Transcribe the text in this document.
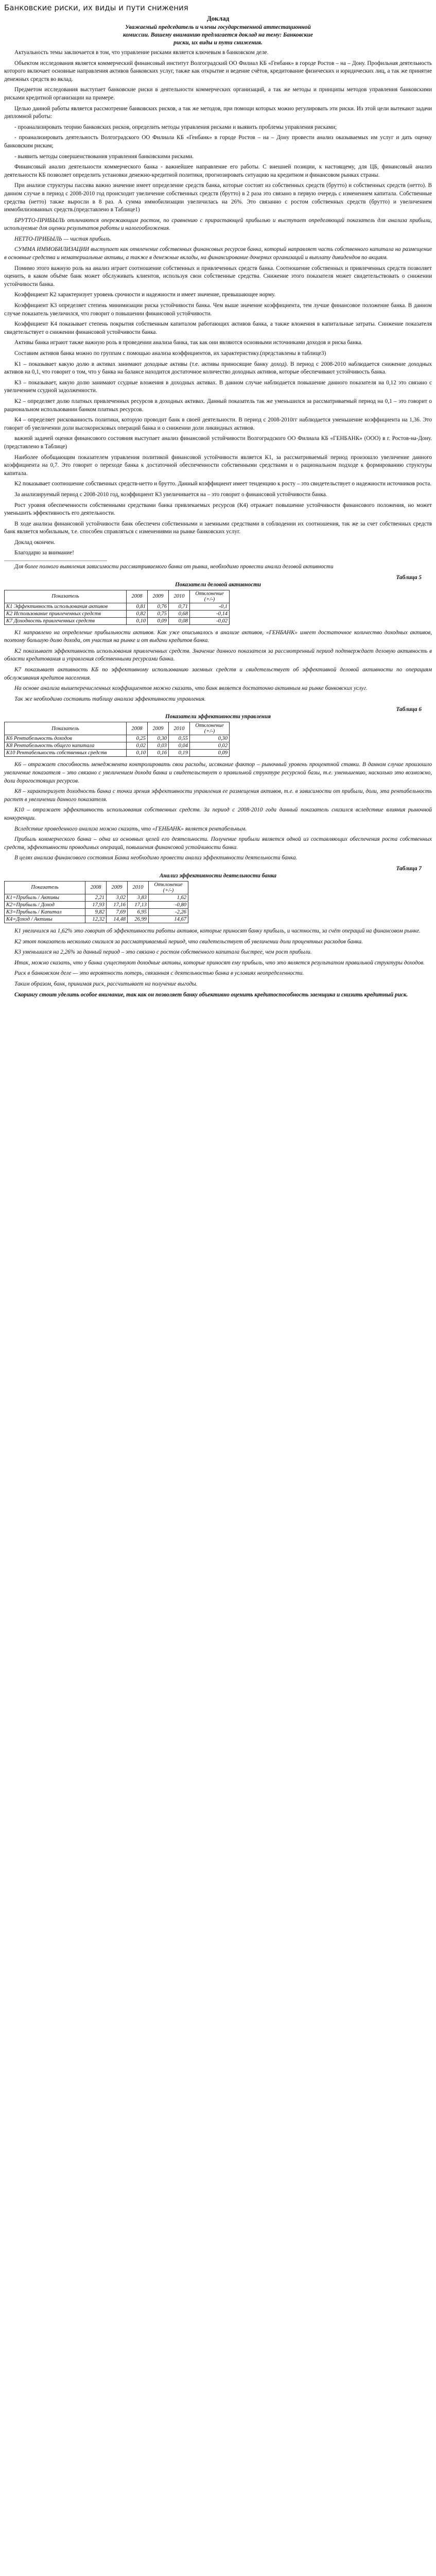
Банковские риски, их виды и пути снижения
Доклад
Уважаемый председатель и члены государственной аттестационной
комиссии. Вашему вниманию предлагается доклад на тему: Банковские
риски, их виды и пути снижения.

Актуальность темы заключается в том, что управление рисками является ключевым в банковском деле.

Объектом исследования является коммерческий финансовый институт Волгоградский ОО Филиал КБ «Генбанк» в городе Ростов – на – Дону. Профильная деятельность которого включает основные направления активов банковских услуг, также как открытие и ведение счётов, кредитование физических и юридических лиц, а так же принятие денежных средств во вклад.

Предметом исследования выступает банковские риски в деятельности коммерческих организаций, а так же методы и принципы методов управления банковскими рисками кредитной организации на примере.

Целью данной работы является рассмотрение банковских рисков, а так же методов, при помощи которых можно регулировать эти риски. Из этой цели вытекают задачи дипломной работы:

- проанализировать теорию банковских рисков, определить методы управления рисками и выявить проблемы управления рисками;

- проанализировать деятельность Волгоградского ОО Филиала КБ «Генбанк» в городе Ростов – на – Дону провести анализ оказываемых им услуг и дать оценку банковским рискам;

- выявить методы совершенствования управления банковскими рисками.

Финансовый анализ деятельности коммерческого банка - важнейшее направление его работы. С внешней позиции, к настоящему, для ЦБ, финансовый анализ деятельности КБ позволяет определить установки денежно-кредитной политики, прогнозировать ситуацию на кредитном и финансовом рынках страны.

При анализе структуры пассива важно значение имеет определение средств банка, которые состоят из собственных средств (брутто) и собственных средств (нетто). В данном случае в период с 2008-2010 год происходит увеличение собственных средств (брутто) в 2 раза это связано в первую очередь с изменением капитала. Собственные средства (нетто) также выросли в 8 раз. А сумма иммобилизации увеличилась на 26%. Это связанно с ростом собственных средств (брутто) и увеличением иммобилизованных средств.(представлено в Таблице1)

БРУТТО-ПРИБЫЛЬ отличаются опережающим ростом, по сравнению с прирастающей прибылью и выступает определяющий показатель для анализа прибыли, используемые для оценки результатов работы и налогообложения.

НЕТТО-ПРИБЫЛЬ — чистая прибыль.

СУММА ИММОБИЛИЗАЦИИ выступает как отвлечение собственных финансовых ресурсов банка, который направляет часть собственного капитала на размещение в основные средства и нематериальные активы, а также в денежные вклады, на финансирование дочерних организаций и выплату дивидендов по акциям.

Помимо этого важную роль на анализ играет соотношение собственных и привлеченных средств банка. Соотношение собственных и привлеченных средств позволяет оценить, в каком объёме банк может обслуживать клиентов, используя свои собственные средства. Снижение этого показателя может свидетельствовать о снижении устойчивости банка.

Коэффициент К2 характеризует уровень срочности и надежности и имеет значение, превышающее норму.

Коэффициент К3 определяет степень минимизации риска устойчивости банка. Чем выше значение коэффициента, тем лучше финансовое положение банка. В данном случае показатель увеличился, что говорит о повышении финансовой устойчивости.

Коэффициент К4 показывает степень покрытия собственным капиталом работающих активов банка, а также вложения в капитальные затраты. Снижение показателя свидетельствует о снижении финансовой устойчивости банка.

Активы банка играют также важную роль в проведении анализа банка, так как они являются основными источниками доходов и риска банка.

Составим активов банка можно по группам с помощью анализа коэффициентов, их характеристику.(представлены в таблице3)

К1 – показывает какую долю в активах занимают доходные активы (т.е. активы приносящие банку доход). В период с 2008-2010 наблюдается снижение доходных активов на 0,1, что говорит о том, что у банка на балансе находится достаточное количество доходных активов, которые обеспечивают устойчивость банка.

К3 – показывает, какую долю занимают ссудные вложения в доходных активах. В данном случае наблюдается повышение данного показателя на 0,12 это связано с увеличением ссудной задолженности.

К2 – определяет долю платных привлеченных ресурсов в доходных активах. Данный показатель так же уменьшился за рассматриваемый период на 0,1 – это говорит о рациональном использовании банком платных ресурсов.

К4 – определяет рискованность политики, которую проводит банк в своей деятельности. В период с 2008-2010гг наблюдается уменьшение коэффициента на 1,36. Это говорит об увеличении доли высокорисковых операций банка и о снижении доли ликвидных активов.

важной задачей оценки финансового состояния выступает анализ финансовой устойчивости Волгоградского ОО Филиала КБ «ГЕНБАНК» (ООО) в г. Ростов-на-Дону.(представлено в Таблице)

Наиболее обобщающим показателем управления политикой финансовой устойчивости является К1, за рассматриваемый период произошло увеличение данного коэффициента на 0,7. Это говорит о переходе банка к достаточной обеспеченности собственными средствами и о рациональном подходе к формированию структуры капитала.

К2 показывает соотношение собственных средств-нетто и брутто. Данный коэффициент имеет тенденцию к росту – это свидетельствует о надежности источников роста.

За анализируемый период с 2008-2010 год, коэффициент К3 увеличивается на – это говорит о финансовой устойчивости банка.

Рост уровня обеспеченности собственными средствами банка привлекаемых ресурсов (К4) отражает повышение устойчивости финансового положения, но может уменьшить эффективность его деятельности.

В ходе анализа финансовой устойчивости банк обеспечен собственными и заемными средствами в соблюдении их соотношения, так же за счет собственных средств банк является мобильным, т.е. способен справляться с изменениями на рынке банковских услуг.

Доклад окончен.

Благодарю за внимание!

Для более полного выявления зависимости рассматриваемого банка от рынка, необходимо провести анализ деловой активности

Таблица 5
Показатели деловой активности
Показатель	2008	2009	2010	Отклонение (+/-)
К1 Эффективность использования активов	0,81	0,76	0,71	-0,1
К2 Использование привлеченных средств	0,82	0,75	0,68	-0,14
К7 Доходность привлеченных средств	0,10	0,09	0,08	-0,02

К1 направлено на определение прибыльности активов. Как уже описывалось в анализе активов, «ГЕНБАНК» имеет достаточное количество доходных активов, поэтому большую долю дохода, от участия на рынке и от выдачи кредитов банка.

К2 показывает эффективность использования привлеченных средств. Значение данного показателя за рассмотренный период подтверждает деловую активность в области кредитования и управления собственными ресурсами банка.

К7 показывает активность КБ по эффективному использованию заемных средств и свидетельствует об эффективной деловой активности по операциям обслуживания кредитов населения.

На основе анализа вышеперечисленных коэффициентов можно сказать, что банк является достаточно активным на рынке банковских услуг.

Так же необходимо составить таблицу анализа эффективности управления.

Таблица 6
Показатели эффективности управления
Показатель	2008	2009	2010	Отклонение (+/-)
К6 Рентабельность доходов	0,25	0,30	0,55	0,30
К8 Рентабельность общего капитала	0,02	0,03	0,04	0,02
К10 Рентабельность собственных средств	0,10	0,16	0,19	0,09

К6 – отражает способность менеджмента контролировать свои расходы, иссякание фактор – рыночный уровень процентной ставки. В данном случае произошло увеличение показателя – это связано с увеличением дохода банка и свидетельствует о правильной структуре ресурсной базы, т.е. уменьшению, насколько это возможно, доли дорогостоящих ресурсов.

К8 – характеризует доходность банка с точки зрения эффективности управления ее размещения активов, т.е. в зависимости от прибыли, доли, эта рентабельность растет в увеличении данного показателя.

К10 – отражает эффективность использования собственных средств. За период с 2008-2010 года данный показатель снизился вследствие влияния рыночной конкуренции.

Вследствие проведенного анализа можно сказать, что «ГЕНБАНК» является рентабельным.

Прибыль коммерческого банка – одна из основных целей его деятельности. Получение прибыли является одной из составляющих обеспечения роста собственных средств, эффективности проводимых операций, повышения финансовой устойчивости банка.

В целях анализа финансового состояния Банка необходимо провести анализ эффективности деятельности банка.

Таблица 7
Анализ эффективности деятельности банка
Показатель	2008	2009	2010	Отклонение (+/-)
К1=Прибыль / Активы	2,21	3,02	3,83	1,62
К2=Прибыль / Доход	17,93	17,16	17,13	-0,80
К3=Прибыль / Капитал	9,82	7,69	6,95	-2,26
К4=Доход / Активы	12,32	14,48	26,99	14,67

К1 увеличился на 1,62% это говорит об эффективности работы активов, которые приносят банку прибыль, и частности, за счёт операций на финансовом рынке.

К2 этот показатель несколько снизился за рассматриваемый период, что свидетельствует об увеличении доли процентных расходов банка.

К3 уменьшился на 2,26% за данный период – это связано с ростом собственного капитала быстрее, чем рост прибыли.

Итак, можно сказать, что у банка существуют доходные активы, которые приносят ему прибыль, что это является результатом правильной структуры доходов.

Риск в банковском деле — это вероятность потерь, связанная с деятельностью банка в условиях неопределенности.

Таким образом, банк, принимая риск, рассчитывает на получение выгоды.

Скорингу стоит уделить особое внимание, так как он позволяет банку объективно оценить кредитоспособность заемщика и снизить кредитный риск.
